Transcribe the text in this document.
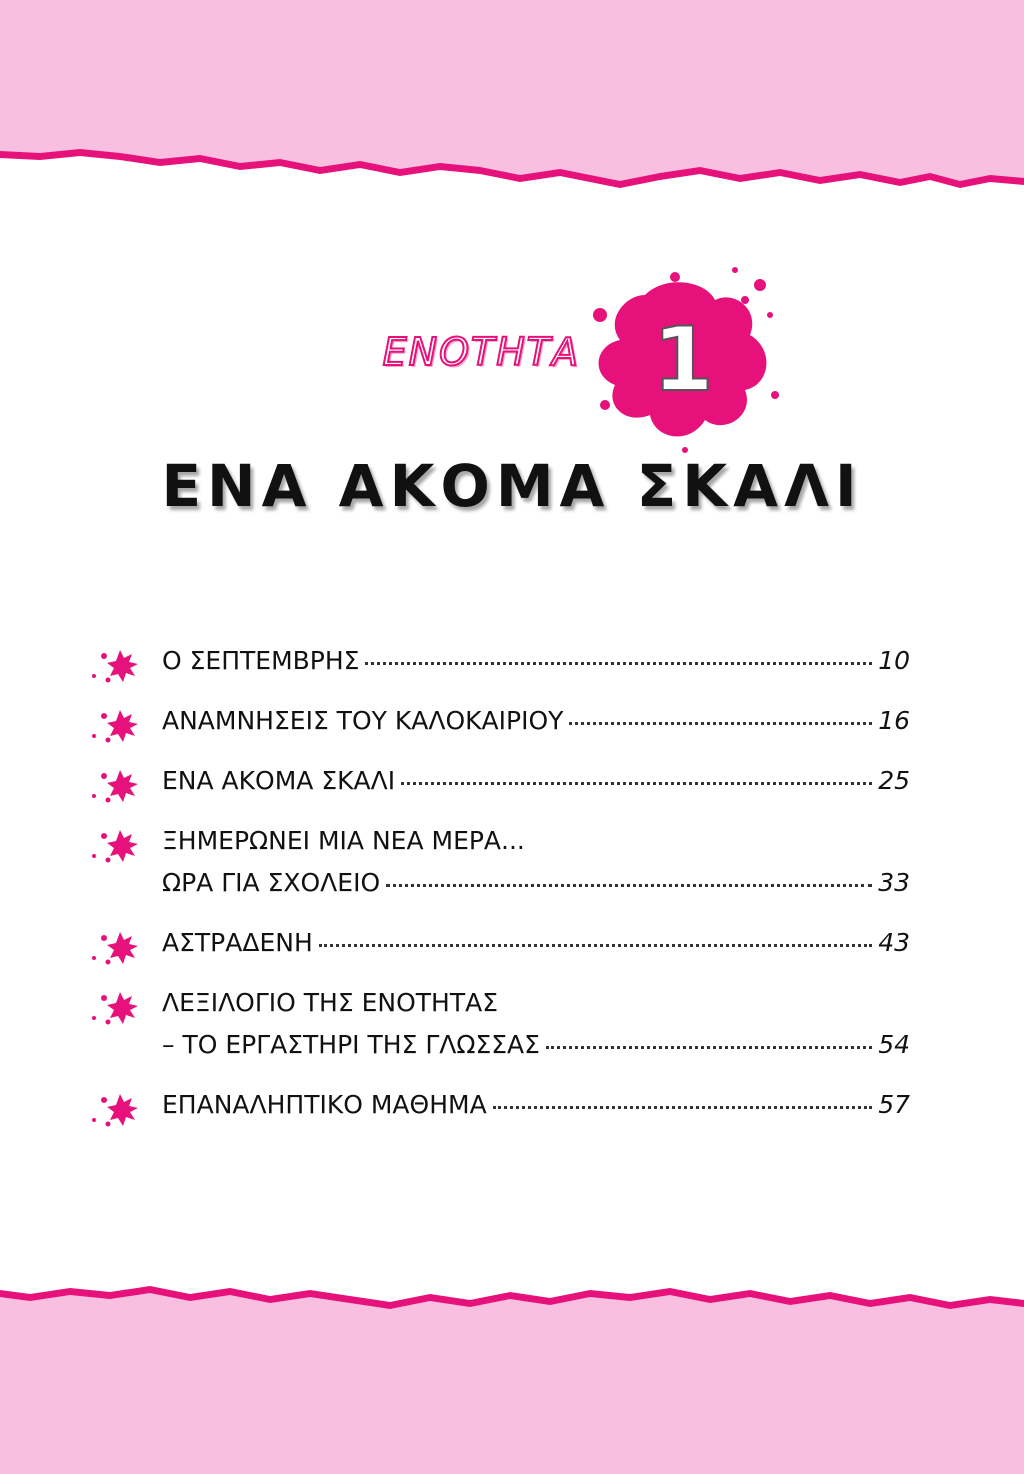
ΕΝΟΤΗΤΑ 1
ΕΝΑ ΑΚΟΜΑ ΣΚΑΛΙ
Ο ΣΕΠΤΕΜΒΡΗΣ	10
ΑΝΑΜΝΗΣΕΙΣ ΤΟΥ ΚΑΛΟΚΑΙΡΙΟΥ	16
ΕΝΑ ΑΚΟΜΑ ΣΚΑΛΙ	25
ΞΗΜΕΡΩΝΕΙ ΜΙΑ ΝΕΑ ΜΕΡΑ...
ΩΡΑ ΓΙΑ ΣΧΟΛΕΙΟ	33
ΑΣΤΡΑΔΕΝΗ	43
ΛΕΞΙΛΟΓΙΟ ΤΗΣ ΕΝΟΤΗΤΑΣ
– ΤΟ ΕΡΓΑΣΤΗΡΙ ΤΗΣ ΓΛΩΣΣΑΣ	54
ΕΠΑΝΑΛΗΠΤΙΚΟ ΜΑΘΗΜΑ	57
